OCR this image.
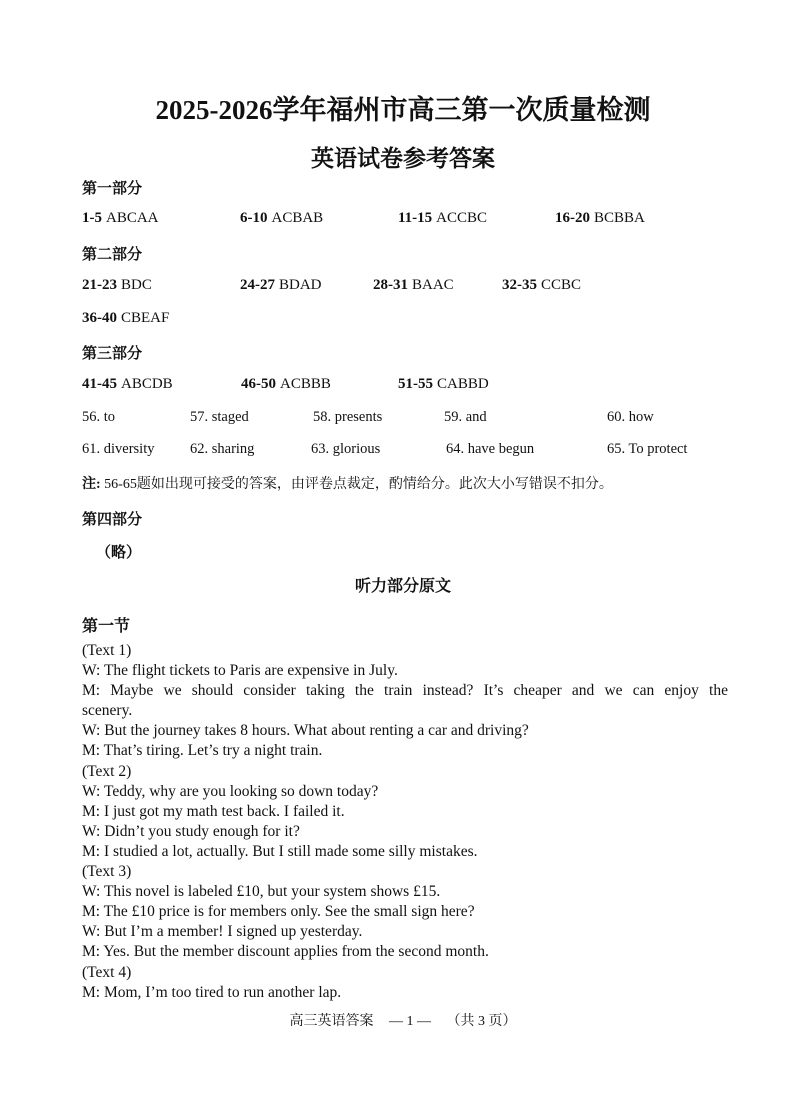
2025-2026学年福州市高三第一次质量检测
英语试卷参考答案
第一部分
1-5 ABCAA	6-10 ACBAB	11-15 ACCBC	16-20 BCBBA
第二部分
21-23 BDC	24-27 BDAD	28-31 BAAC	32-35 CCBC
36-40 CBEAF
第三部分
41-45 ABCDB	46-50 ACBBB	51-55 CABBD
56. to	57. staged	58. presents	59. and	60. how
61. diversity 62. sharing	63. glorious	64. have begun	65. To protect
注: 56-65题如出现可接受的答案，由评卷点裁定，酌情给分。此次大小写错误不扣分。
第四部分
（略）
听力部分原文
第一节
(Text 1)
W: The flight tickets to Paris are expensive in July.
M: Maybe we should consider taking the train instead? It’s cheaper and we can enjoy the
scenery.
W: But the journey takes 8 hours. What about renting a car and driving?
M: That’s tiring. Let’s try a night train.
(Text 2)
W: Teddy, why are you looking so down today?
M: I just got my math test back. I failed it.
W: Didn’t you study enough for it?
M: I studied a lot, actually. But I still made some silly mistakes.
(Text 3)
W: This novel is labeled £10, but your system shows £15.
M: The £10 price is for members only. See the small sign here?
W: But I’m a member! I signed up yesterday.
M: Yes. But the member discount applies from the second month.
(Text 4)
M: Mom, I’m too tired to run another lap.
高三英语答案 — 1 — （共 3 页）
